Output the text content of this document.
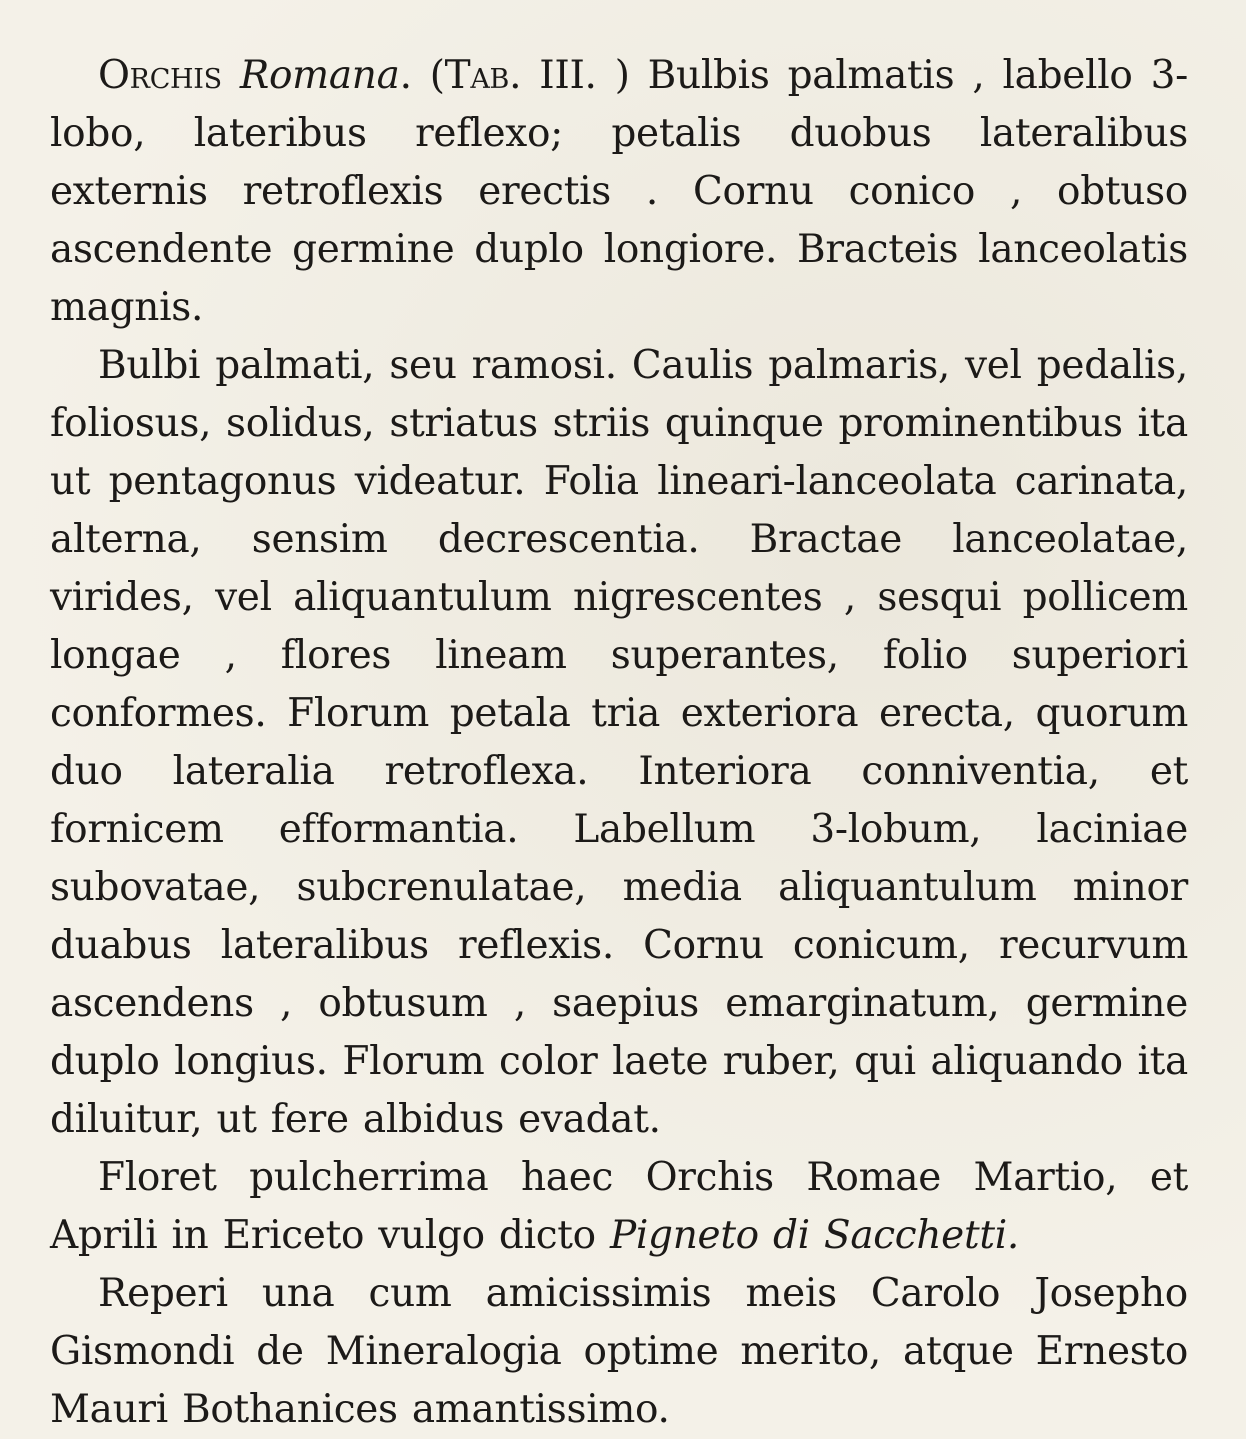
Orchis Romana. (Tab. III. ) Bulbis palmatis , labello 3-lobo, lateribus reflexo; petalis duobus lateralibus externis retroflexis erectis . Cornu conico , obtuso ascendente germine duplo longiore. Bracteis lanceolatis magnis.

Bulbi palmati, seu ramosi. Caulis palmaris, vel pedalis, foliosus, solidus, striatus striis quinque prominentibus ita ut pentagonus videatur. Folia lineari-lanceolata carinata, alterna, sensim decrescentia. Bractae lanceolatae, virides, vel aliquantulum nigrescentes , sesqui pollicem longae , flores lineam superantes, folio superiori conformes. Florum petala tria exteriora erecta, quorum duo lateralia retroflexa. Interiora conniventia, et fornicem efformantia. Labellum 3-lobum, laciniae subovatae, subcrenulatae, media aliquantulum minor duabus lateralibus reflexis. Cornu conicum, recurvum ascendens , obtusum , saepius emarginatum, germine duplo longius. Florum color laete ruber, qui aliquando ita diluitur, ut fere albidus evadat.

Floret pulcherrima haec Orchis Romae Martio, et Aprili in Ericeto vulgo dicto Pigneto di Sacchetti.

Reperi una cum amicissimis meis Carolo Josepho Gismondi de Mineralogia optime merito, atque Ernesto Mauri Bothanices amantissimo.
